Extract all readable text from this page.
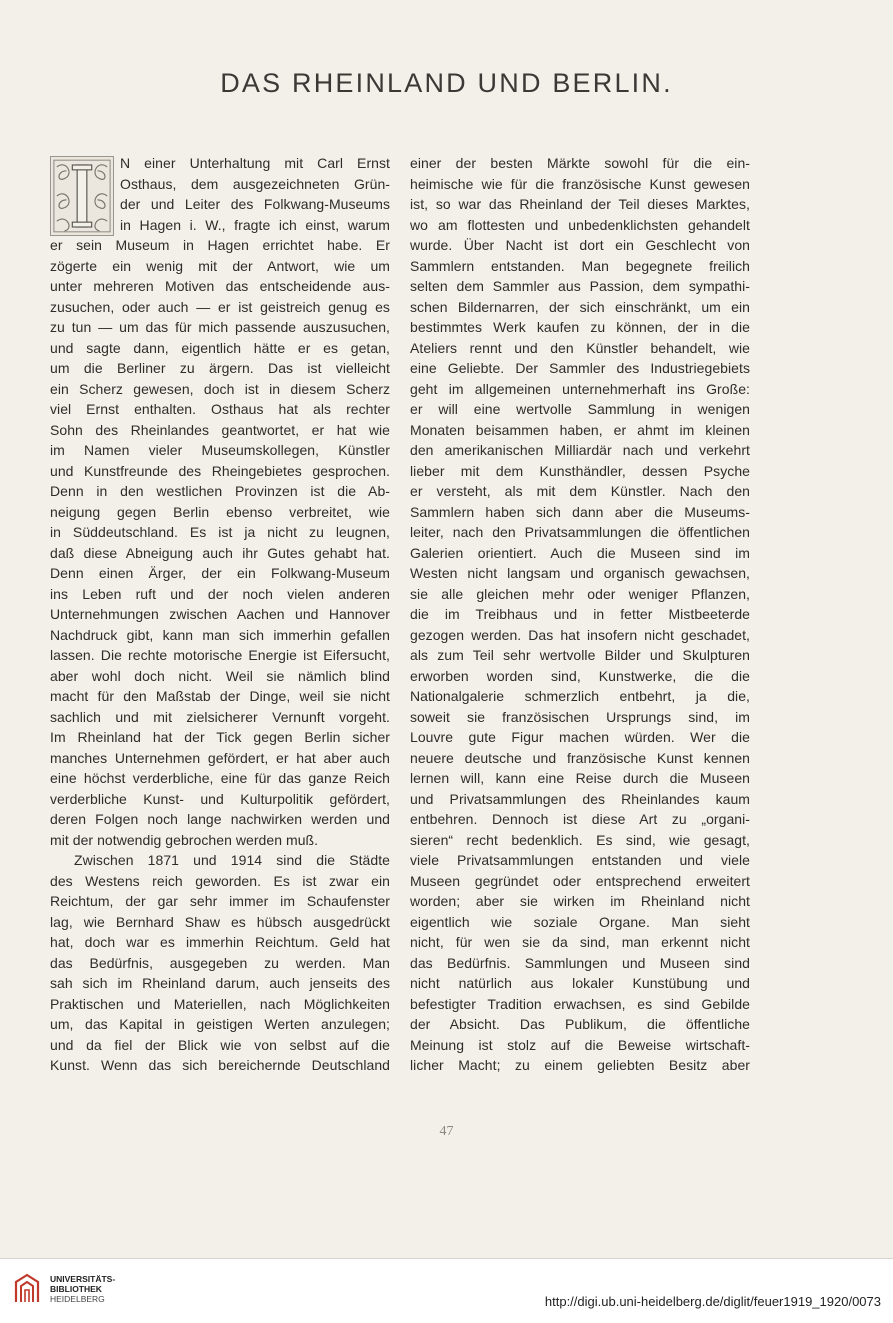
DAS RHEINLAND UND BERLIN.
N einer Unterhaltung mit Carl Ernst
Osthaus, dem ausgezeichneten Grün-
der und Leiter des Folkwang-Museums
in Hagen i. W., fragte ich einst, warum
er sein Museum in Hagen errichtet habe. Er
zögerte ein wenig mit der Antwort, wie um
unter mehreren Motiven das entscheidende aus-
zusuchen, oder auch — er ist geistreich genug es
zu tun — um das für mich passende auszusuchen,
und sagte dann, eigentlich hätte er es getan,
um die Berliner zu ärgern. Das ist vielleicht
ein Scherz gewesen, doch ist in diesem Scherz
viel Ernst enthalten. Osthaus hat als rechter
Sohn des Rheinlandes geantwortet, er hat wie
im Namen vieler Museumskollegen, Künstler
und Kunstfreunde des Rheingebietes gesprochen.
Denn in den westlichen Provinzen ist die Ab-
neigung gegen Berlin ebenso verbreitet, wie
in Süddeutschland. Es ist ja nicht zu leugnen,
daß diese Abneigung auch ihr Gutes gehabt hat.
Denn einen Ärger, der ein Folkwang-Museum
ins Leben ruft und der noch vielen anderen
Unternehmungen zwischen Aachen und Hannover
Nachdruck gibt, kann man sich immerhin gefallen
lassen. Die rechte motorische Energie ist Eifersucht,
aber wohl doch nicht. Weil sie nämlich blind
macht für den Maßstab der Dinge, weil sie nicht
sachlich und mit zielsicherer Vernunft vorgeht.
Im Rheinland hat der Tick gegen Berlin sicher
manches Unternehmen gefördert, er hat aber auch
eine höchst verderbliche, eine für das ganze Reich
verderbliche Kunst- und Kulturpolitik gefördert,
deren Folgen noch lange nachwirken werden und
mit der notwendig gebrochen werden muß.
Zwischen 1871 und 1914 sind die Städte
des Westens reich geworden. Es ist zwar ein
Reichtum, der gar sehr immer im Schaufenster
lag, wie Bernhard Shaw es hübsch ausgedrückt
hat, doch war es immerhin Reichtum. Geld hat
das Bedürfnis, ausgegeben zu werden. Man
sah sich im Rheinland darum, auch jenseits des
Praktischen und Materiellen, nach Möglichkeiten
um, das Kapital in geistigen Werten anzulegen;
und da fiel der Blick wie von selbst auf die
Kunst. Wenn das sich bereichernde Deutschland
einer der besten Märkte sowohl für die ein-
heimische wie für die französische Kunst gewesen
ist, so war das Rheinland der Teil dieses Marktes,
wo am flottesten und unbedenklichsten gehandelt
wurde. Über Nacht ist dort ein Geschlecht von
Sammlern entstanden. Man begegnete freilich
selten dem Sammler aus Passion, dem sympathi-
schen Bildernarren, der sich einschränkt, um ein
bestimmtes Werk kaufen zu können, der in die
Ateliers rennt und den Künstler behandelt, wie
eine Geliebte. Der Sammler des Industriegebiets
geht im allgemeinen unternehmerhaft ins Große:
er will eine wertvolle Sammlung in wenigen
Monaten beisammen haben, er ahmt im kleinen
den amerikanischen Milliardär nach und verkehrt
lieber mit dem Kunsthändler, dessen Psyche
er versteht, als mit dem Künstler. Nach den
Sammlern haben sich dann aber die Museums-
leiter, nach den Privatsammlungen die öffentlichen
Galerien orientiert. Auch die Museen sind im
Westen nicht langsam und organisch gewachsen,
sie alle gleichen mehr oder weniger Pflanzen,
die im Treibhaus und in fetter Mistbeeterde
gezogen werden. Das hat insofern nicht geschadet,
als zum Teil sehr wertvolle Bilder und Skulpturen
erworben worden sind, Kunstwerke, die die
Nationalgalerie schmerzlich entbehrt, ja die,
soweit sie französischen Ursprungs sind, im
Louvre gute Figur machen würden. Wer die
neuere deutsche und französische Kunst kennen
lernen will, kann eine Reise durch die Museen
und Privatsammlungen des Rheinlandes kaum
entbehren. Dennoch ist diese Art zu „organi-
sieren“ recht bedenklich. Es sind, wie gesagt,
viele Privatsammlungen entstanden und viele
Museen gegründet oder entsprechend erweitert
worden; aber sie wirken im Rheinland nicht
eigentlich wie soziale Organe. Man sieht
nicht, für wen sie da sind, man erkennt nicht
das Bedürfnis. Sammlungen und Museen sind
nicht natürlich aus lokaler Kunstübung und
befestigter Tradition erwachsen, es sind Gebilde
der Absicht. Das Publikum, die öffentliche
Meinung ist stolz auf die Beweise wirtschaft-
licher Macht; zu einem geliebten Besitz aber
47
UNIVERSITÄTS-
BIBLIOTHEK
HEIDELBERG	http://digi.ub.uni-heidelberg.de/diglit/feuer1919_1920/0073
